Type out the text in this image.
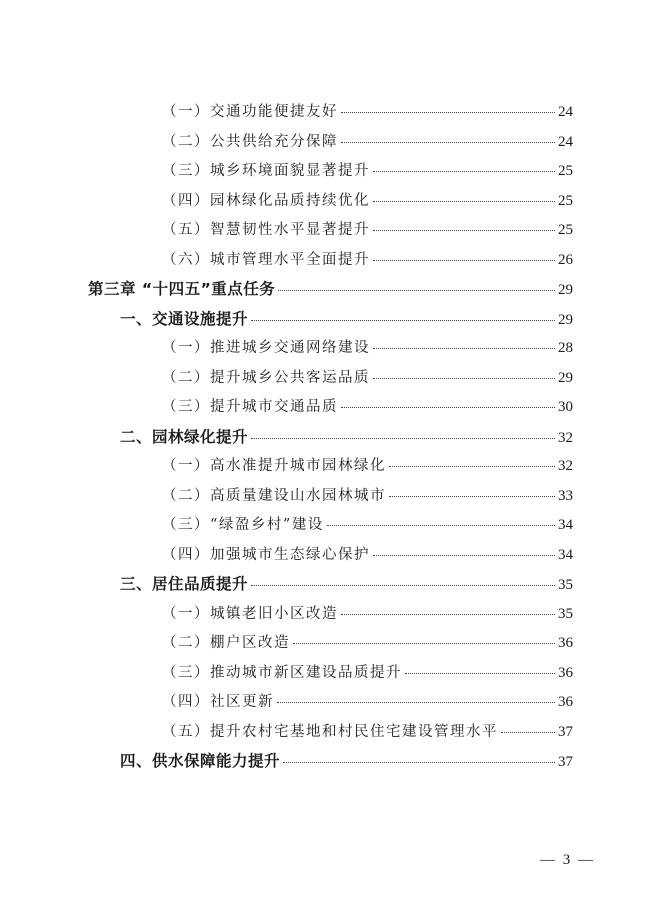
（一）交通功能便捷友好	24
（二）公共供给充分保障	24
（三）城乡环境面貌显著提升	25
（四）园林绿化品质持续优化	25
（五）智慧韧性水平显著提升	25
（六）城市管理水平全面提升	26
第三章 “十四五”重点任务	29
一、交通设施提升	29
（一）推进城乡交通网络建设	28
（二）提升城乡公共客运品质	29
（三）提升城市交通品质	30
二、园林绿化提升	32
（一）高水准提升城市园林绿化	32
（二）高质量建设山水园林城市	33
（三）“绿盈乡村”建设	34
（四）加强城市生态绿心保护	34
三、居住品质提升	35
（一）城镇老旧小区改造	35
（二）棚户区改造	36
（三）推动城市新区建设品质提升	36
（四）社区更新	36
（五）提升农村宅基地和村民住宅建设管理水平	37
四、供水保障能力提升	37
— 3 —
